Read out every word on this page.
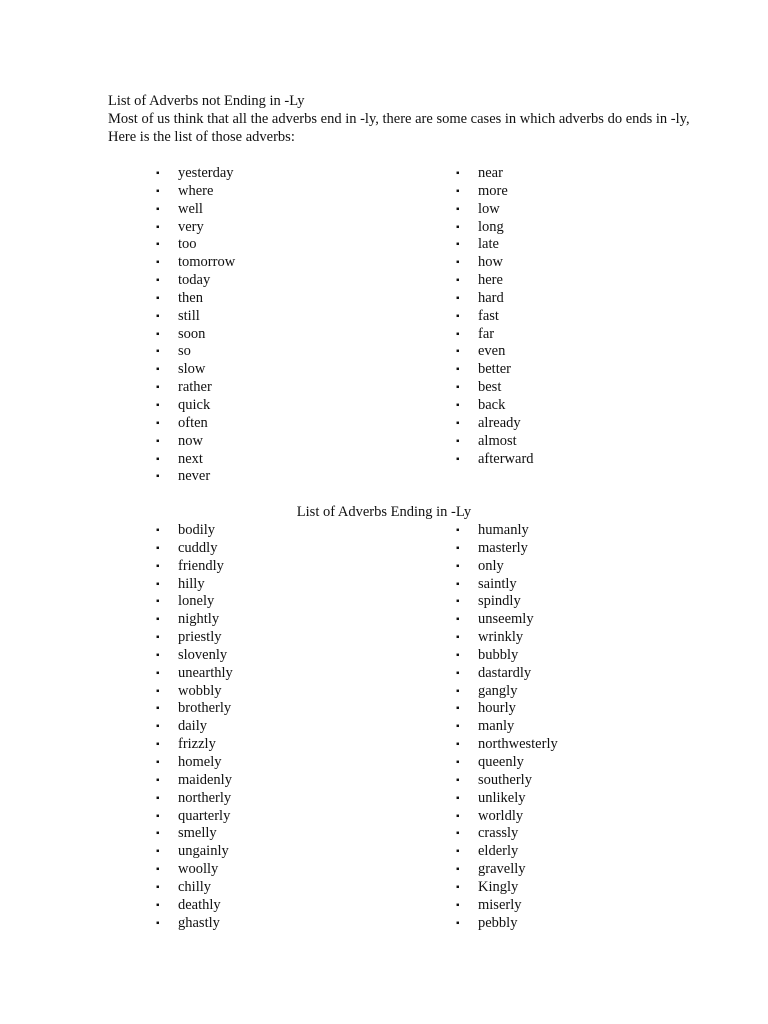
List of Adverbs not Ending in -Ly

Most of us think that all the adverbs end in -ly, there are some cases in which adverbs do ends in -ly, Here is the list of those adverbs:

▪	yesterday
▪	where
▪	well
▪	very
▪	too
▪	tomorrow
▪	today
▪	then
▪	still
▪	soon
▪	so
▪	slow
▪	rather
▪	quick
▪	often
▪	now
▪	next
▪	never
▪	near
▪	more
▪	low
▪	long
▪	late
▪	how
▪	here
▪	hard
▪	fast
▪	far
▪	even
▪	better
▪	best
▪	back
▪	already
▪	almost
▪	afterward

List of Adverbs Ending in -Ly

▪	bodily
▪	cuddly
▪	friendly
▪	hilly
▪	lonely
▪	nightly
▪	priestly
▪	slovenly
▪	unearthly
▪	wobbly
▪	brotherly
▪	daily
▪	frizzly
▪	homely
▪	maidenly
▪	northerly
▪	quarterly
▪	smelly
▪	ungainly
▪	woolly
▪	chilly
▪	deathly
▪	ghastly
▪	humanly
▪	masterly
▪	only
▪	saintly
▪	spindly
▪	unseemly
▪	wrinkly
▪	bubbly
▪	dastardly
▪	gangly
▪	hourly
▪	manly
▪	northwesterly
▪	queenly
▪	southerly
▪	unlikely
▪	worldly
▪	crassly
▪	elderly
▪	gravelly
▪	Kingly
▪	miserly
▪	pebbly
